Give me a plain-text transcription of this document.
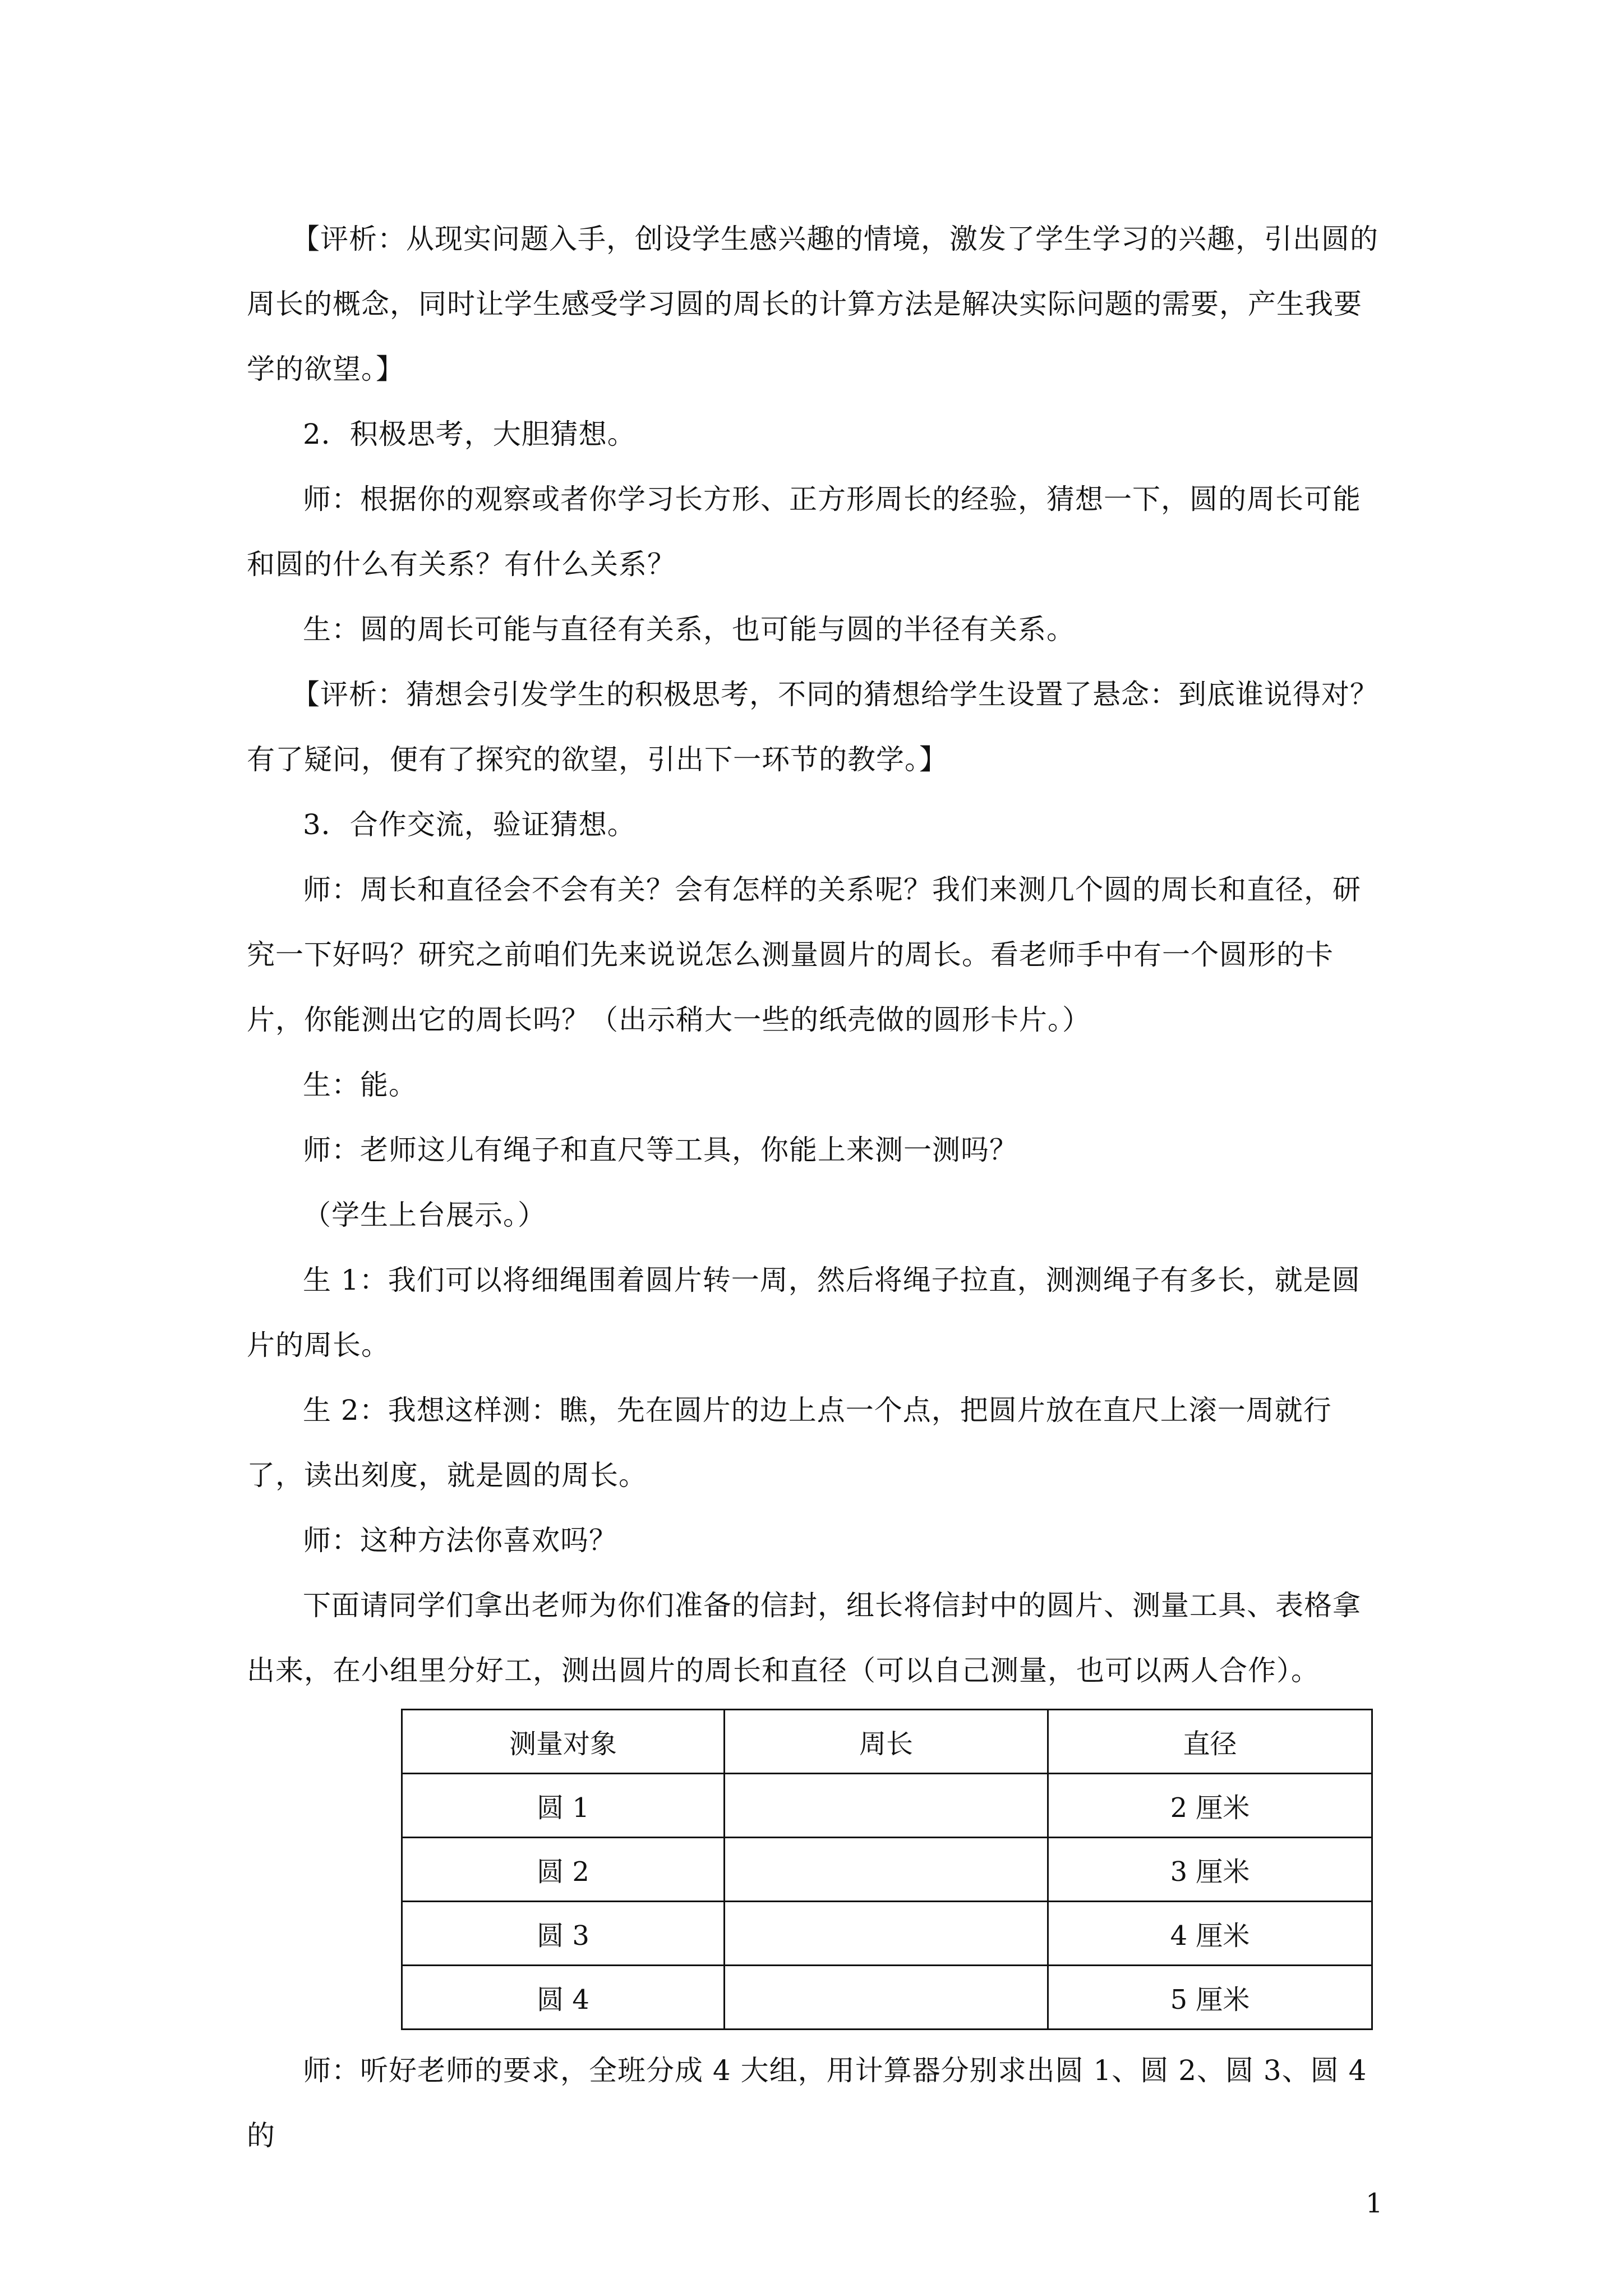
【评析：从现实问题入手，创设学生感兴趣的情境，激发了学生学习的兴趣，引出圆的周长的概念，同时让学生感受学习圆的周长的计算方法是解决实际问题的需要，产生我要学的欲望。】

2．积极思考，大胆猜想。

师：根据你的观察或者你学习长方形、正方形周长的经验，猜想一下，圆的周长可能和圆的什么有关系？有什么关系？

生：圆的周长可能与直径有关系，也可能与圆的半径有关系。

【评析：猜想会引发学生的积极思考，不同的猜想给学生设置了悬念：到底谁说得对？有了疑问，便有了探究的欲望，引出下一环节的教学。】

3．合作交流，验证猜想。

师：周长和直径会不会有关？会有怎样的关系呢？我们来测几个圆的周长和直径，研究一下好吗？研究之前咱们先来说说怎么测量圆片的周长。看老师手中有一个圆形的卡片，你能测出它的周长吗？（出示稍大一些的纸壳做的圆形卡片。）

生：能。

师：老师这儿有绳子和直尺等工具，你能上来测一测吗？

（学生上台展示。）

生 1：我们可以将细绳围着圆片转一周，然后将绳子拉直，测测绳子有多长，就是圆片的周长。

生 2：我想这样测：瞧，先在圆片的边上点一个点，把圆片放在直尺上滚一周就行了，读出刻度，就是圆的周长。

师：这种方法你喜欢吗？

下面请同学们拿出老师为你们准备的信封，组长将信封中的圆片、测量工具、表格拿出来，在小组里分好工，测出圆片的周长和直径（可以自己测量，也可以两人合作）。

测量对象	周长	直径
圆 1		2 厘米
圆 2		3 厘米
圆 3		4 厘米
圆 4		5 厘米

师：听好老师的要求，全班分成 4 大组，用计算器分别求出圆 1、圆 2、圆 3、圆 4 的

1
